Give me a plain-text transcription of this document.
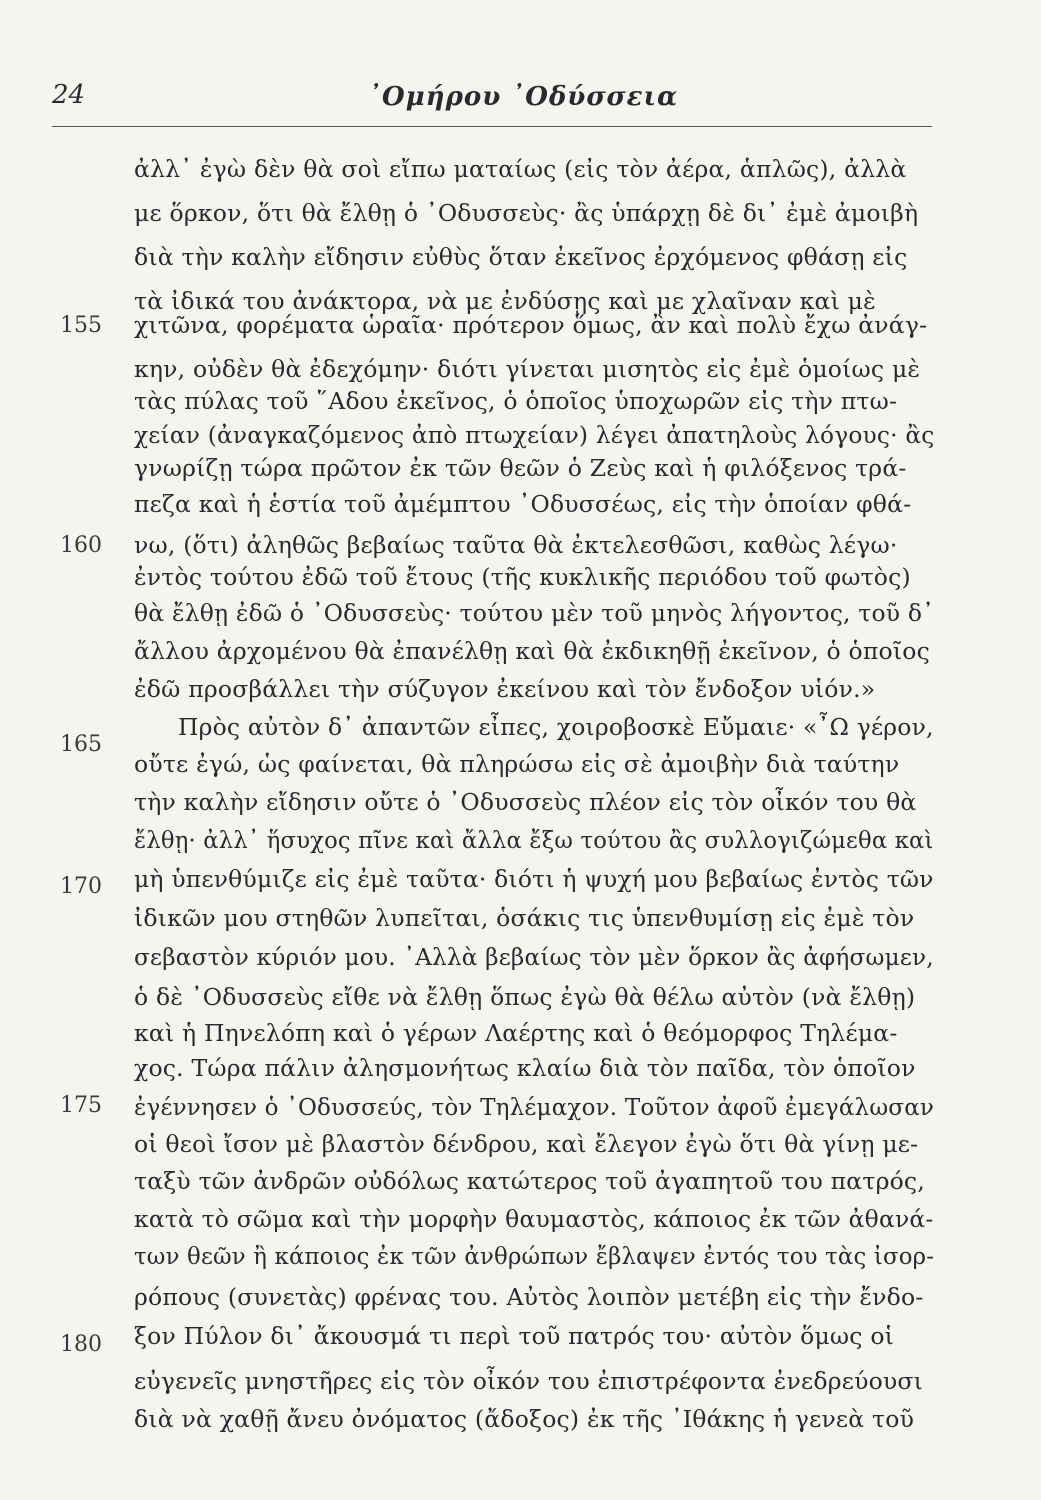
24	᾿Ομήρου ᾿Οδύσσεια
155
160
165
170
175
180
ἀλλ᾿ ἐγὼ δὲν θὰ σοὶ εἴπω ματαίως (εἰς τὸν ἀέρα, ἁπλῶς), ἀλλὰ
με ὅρκον, ὅτι θὰ ἔλθῃ ὁ ᾿Οδυσσεὺς· ἂς ὑπάρχῃ δὲ δι᾿ ἐμὲ ἀμοιβὴ
διὰ τὴν καλὴν εἴδησιν εὐθὺς ὅταν ἐκεῖνος ἐρχόμενος φθάσῃ εἰς
τὰ ἰδικά του ἀνάκτορα, νὰ με ἐνδύσῃς καὶ με χλαῖναν καὶ μὲ
χιτῶνα, φορέματα ὡραῖα· πρότερον ὅμως, ἂν καὶ πολὺ ἔχω ἀνάγ-
κην, οὐδὲν θὰ ἐδεχόμην· διότι γίνεται μισητὸς εἰς ἐμὲ ὁμοίως μὲ
τὰς πύλας τοῦ ῞Αδου ἐκεῖνος, ὁ ὁποῖος ὑποχωρῶν εἰς τὴν πτω-
χείαν (ἀναγκαζόμενος ἀπὸ πτωχείαν) λέγει ἀπατηλοὺς λόγους· ἂς
γνωρίζῃ τώρα πρῶτον ἐκ τῶν θεῶν ὁ Ζεὺς καὶ ἡ φιλόξενος τρά-
πεζα καὶ ἡ ἑστία τοῦ ἀμέμπτου ᾿Οδυσσέως, εἰς τὴν ὁποίαν φθά-
νω, (ὅτι) ἀληθῶς βεβαίως ταῦτα θὰ ἐκτελεσθῶσι, καθὼς λέγω·
ἐντὸς τούτου ἐδῶ τοῦ ἔτους (τῆς κυκλικῆς περιόδου τοῦ φωτὸς)
θὰ ἔλθῃ ἐδῶ ὁ ᾿Οδυσσεὺς· τούτου μὲν τοῦ μηνὸς λήγοντος, τοῦ δ᾿
ἄλλου ἀρχομένου θὰ ἐπανέλθῃ καὶ θὰ ἐκδικηθῇ ἐκεῖνον, ὁ ὁποῖος
ἐδῶ προσβάλλει τὴν σύζυγον ἐκείνου καὶ τὸν ἔνδοξον υἱόν.»
Πρὸς αὐτὸν δ᾿ ἀπαντῶν εἶπες, χοιροβοσκὲ Εὔμαιε· «῏Ω γέρον,
οὔτε ἐγώ, ὡς φαίνεται, θὰ πληρώσω εἰς σὲ ἀμοιβὴν διὰ ταύτην
τὴν καλὴν εἴδησιν οὔτε ὁ ᾿Οδυσσεὺς πλέον εἰς τὸν οἶκόν του θὰ
ἔλθῃ· ἀλλ᾿ ἥσυχος πῖνε καὶ ἄλλα ἔξω τούτου ἂς συλλογιζώμεθα καὶ
μὴ ὑπενθύμιζε εἰς ἐμὲ ταῦτα· διότι ἡ ψυχή μου βεβαίως ἐντὸς τῶν
ἰδικῶν μου στηθῶν λυπεῖται, ὁσάκις τις ὑπενθυμίσῃ εἰς ἐμὲ τὸν
σεβαστὸν κύριόν μου. ᾿Αλλὰ βεβαίως τὸν μὲν ὅρκον ἂς ἀφήσωμεν,
ὁ δὲ ᾿Οδυσσεὺς εἴθε νὰ ἔλθῃ ὅπως ἐγὼ θὰ θέλω αὐτὸν (νὰ ἔλθῃ)
καὶ ἡ Πηνελόπη καὶ ὁ γέρων Λαέρτης καὶ ὁ θεόμορφος Τηλέμα-
χος. Τώρα πάλιν ἀλησμονήτως κλαίω διὰ τὸν παῖδα, τὸν ὁποῖον
ἐγέννησεν ὁ ᾿Οδυσσεύς, τὸν Τηλέμαχον. Τοῦτον ἀφοῦ ἐμεγάλωσαν
οἱ θεοὶ ἴσον μὲ βλαστὸν δένδρου, καὶ ἔλεγον ἐγὼ ὅτι θὰ γίνῃ με-
ταξὺ τῶν ἀνδρῶν οὐδόλως κατώτερος τοῦ ἀγαπητοῦ του πατρός,
κατὰ τὸ σῶμα καὶ τὴν μορφὴν θαυμαστὸς, κάποιος ἐκ τῶν ἀθανά-
των θεῶν ἢ κάποιος ἐκ τῶν ἀνθρώπων ἔβλαψεν ἐντός του τὰς ἰσορ-
ρόπους (συνετὰς) φρένας του. Αὐτὸς λοιπὸν μετέβη εἰς τὴν ἔνδο-
ξον Πύλον δι᾿ ἄκουσμά τι περὶ τοῦ πατρός του· αὐτὸν ὅμως οἱ
εὐγενεῖς μνηστῆρες εἰς τὸν οἶκόν του ἐπιστρέφοντα ἐνεδρεύουσι
διὰ νὰ χαθῇ ἄνευ ὀνόματος (ἄδοξος) ἐκ τῆς ᾿Ιθάκης ἡ γενεὰ τοῦ
